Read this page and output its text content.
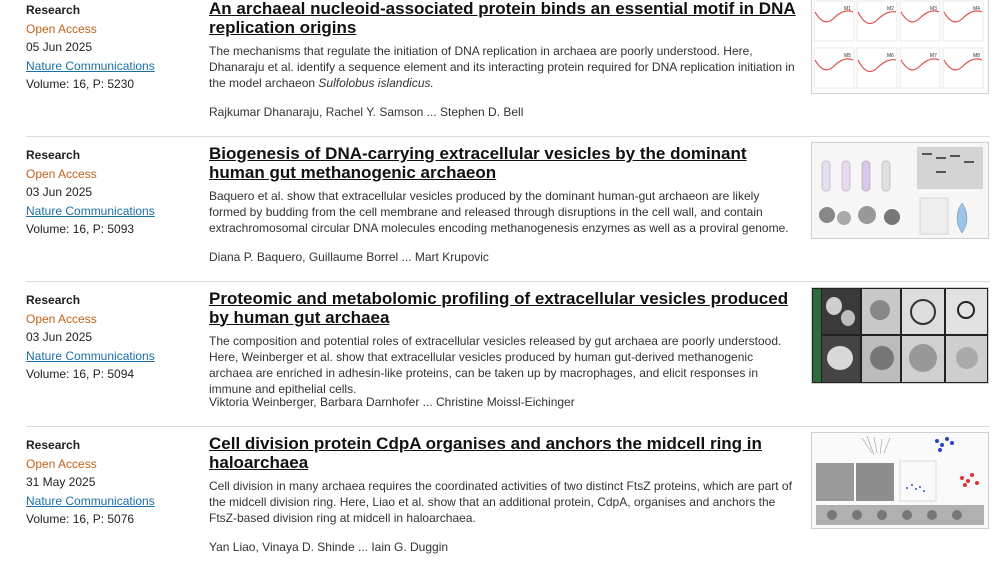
Research
Open Access
05 Jun 2025
Nature Communications
Volume: 16, P: 5230
An archaeal nucleoid-associated protein binds an essential motif in DNA replication origins
The mechanisms that regulate the initiation of DNA replication in archaea are poorly understood. Here, Dhanaraju et al. identify a sequence element and its interacting protein required for DNA replication initiation in the model archaeon Sulfolobus islandicus.
Rajkumar Dhanaraju, Rachel Y. Samson ... Stephen D. Bell
M1	M2	M3	M4
M5	M6	M7	M8
Research
Open Access
03 Jun 2025
Nature Communications
Volume: 16, P: 5093
Biogenesis of DNA-carrying extracellular vesicles by the dominant human gut methanogenic archaeon
Baquero et al. show that extracellular vesicles produced by the dominant human-gut archaeon are likely formed by budding from the cell membrane and released through disruptions in the cell wall, and contain extrachromosomal circular DNA molecules encoding methanogenesis enzymes as well as a proviral genome.
Diana P. Baquero, Guillaume Borrel ... Mart Krupovic
Research
Open Access
03 Jun 2025
Nature Communications
Volume: 16, P: 5094
Proteomic and metabolomic profiling of extracellular vesicles produced by human gut archaea
The composition and potential roles of extracellular vesicles released by gut archaea are poorly understood. Here, Weinberger et al. show that extracellular vesicles produced by human gut-derived methanogenic archaea are enriched in adhesin-like proteins, can be taken up by macrophages, and elicit responses in immune and epithelial cells.
Viktoria Weinberger, Barbara Darnhofer ... Christine Moissl-Eichinger
Research
Open Access
31 May 2025
Nature Communications
Volume: 16, P: 5076
Cell division protein CdpA organises and anchors the midcell ring in haloarchaea
Cell division in many archaea requires the coordinated activities of two distinct FtsZ proteins, which are part of the midcell division ring. Here, Liao et al. show that an additional protein, CdpA, organises and anchors the FtsZ-based division ring at midcell in haloarchaea.
Yan Liao, Vinaya D. Shinde ... Iain G. Duggin
